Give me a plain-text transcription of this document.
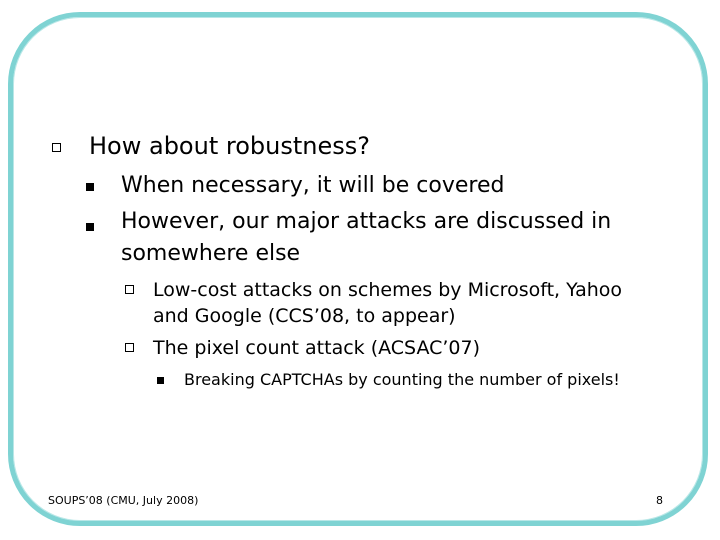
How about robustness?
When necessary, it will be covered
However, our major attacks are discussed in
somewhere else
Low-cost attacks on schemes by Microsoft, Yahoo
and Google (CCS’08, to appear)
The pixel count attack (ACSAC’07)
Breaking CAPTCHAs by counting the number of pixels!
SOUPS’08 (CMU, July 2008)	8
